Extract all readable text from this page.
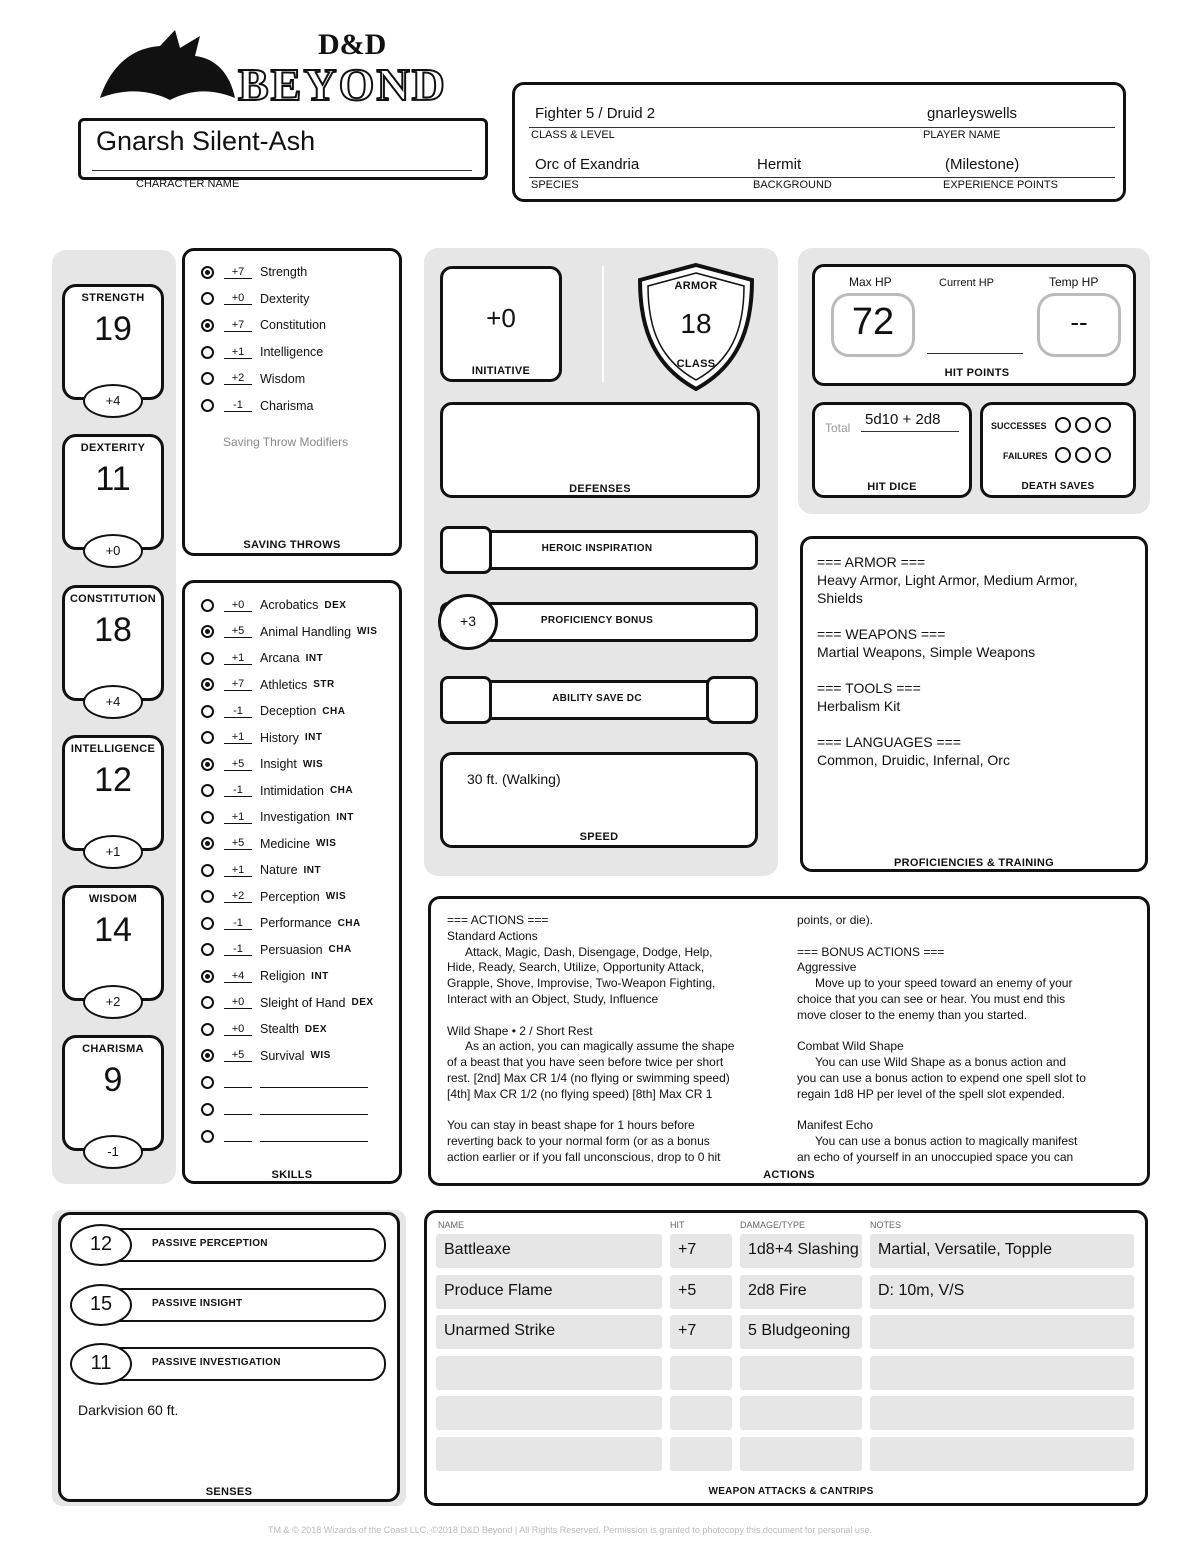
D&D
BEYOND
Gnarsh Silent-Ash
CHARACTER NAME
Fighter 5 / Druid 2
CLASS & LEVEL
gnarleyswells
PLAYER NAME
Orc of Exandria
SPECIES
Hermit
BACKGROUND
(Milestone)
EXPERIENCE POINTS
STRENGTH
19
+4
DEXTERITY
11
+0
CONSTITUTION
18
+4
INTELLIGENCE
12
+1
WISDOM
14
+2
CHARISMA
9
-1
+7	Strength
+0	Dexterity
+7	Constitution
+1	Intelligence
+2	Wisdom
-1	Charisma
Saving Throw Modifiers
SAVING THROWS
+0	Acrobatics DEX
+5	Animal Handling WIS
+1	Arcana INT
+7	Athletics STR
-1	Deception CHA
+1	History INT
+5	Insight WIS
-1	Intimidation CHA
+1	Investigation INT
+5	Medicine WIS
+1	Nature INT
+2	Perception WIS
-1	Performance CHA
-1	Persuasion CHA
+4	Religion INT
+0	Sleight of Hand DEX
+0	Stealth DEX
+5	Survival WIS
SKILLS
+0
INITIATIVE
ARMOR
18
CLASS
DEFENSES
HEROIC INSPIRATION
+3	PROFICIENCY BONUS
ABILITY SAVE DC
30 ft. (Walking)
SPEED
Max HP
72
Current HP	Temp HP
--
HIT POINTS
Total 5d10 + 2d8
HIT DICE
SUCCESSES
FAILURES
DEATH SAVES
=== ARMOR ===
Heavy Armor, Light Armor, Medium Armor,
Shields
=== WEAPONS ===
Martial Weapons, Simple Weapons
=== TOOLS ===
Herbalism Kit
=== LANGUAGES ===
Common, Druidic, Infernal, Orc
PROFICIENCIES & TRAINING

=== ACTIONS ===

Standard Actions

Attack, Magic, Dash, Disengage, Dodge, Help,

Hide, Ready, Search, Utilize, Opportunity Attack,

Grapple, Shove, Improvise, Two-Weapon Fighting,

Interact with an Object, Study, Influence

Wild Shape • 2 / Short Rest

As an action, you can magically assume the shape

of a beast that you have seen before twice per short

rest. [2nd] Max CR 1/4 (no flying or swimming speed)

[4th] Max CR 1/2 (no flying speed) [8th] Max CR 1

You can stay in beast shape for 1 hours before

reverting back to your normal form (or as a bonus

action earlier or if you fall unconscious, drop to 0 hit

points, or die).

=== BONUS ACTIONS ===

Aggressive

Move up to your speed toward an enemy of your

choice that you can see or hear. You must end this

move closer to the enemy than you started.

Combat Wild Shape

You can use Wild Shape as a bonus action and

you can use a bonus action to expend one spell slot to

regain 1d8 HP per level of the spell slot expended.

Manifest Echo

You can use a bonus action to magically manifest

an echo of yourself in an unoccupied space you can

ACTIONS
12	PASSIVE PERCEPTION
15	PASSIVE INSIGHT
11	PASSIVE INVESTIGATION
Darkvision 60 ft.
SENSES
NAME	HIT	DAMAGE/TYPE	NOTES
Battleaxe	+7	1d8+4 Slashing	Martial, Versatile, Topple
Produce Flame	+5	2d8 Fire	D: 10m, V/S
Unarmed Strike	+7	5 Bludgeoning
WEAPON ATTACKS & CANTRIPS
TM & © 2018 Wizards of the Coast LLC. ©2018 D&D Beyond | All Rights Reserved. Permission is granted to photocopy this document for personal use.
